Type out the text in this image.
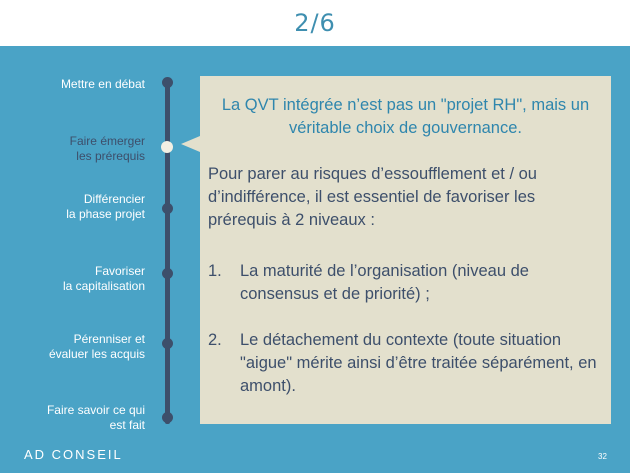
2/6
Mettre en débat
Faire émerger
les prérequis
Différencier
la phase projet
Favoriser
la capitalisation
Pérenniser et
évaluer les acquis
Faire savoir ce qui
est fait
La QVT intégrée n’est pas un "projet RH", mais un véritable choix de gouvernance.
Pour parer au risques d’essoufflement et / ou d’indifférence, il est essentiel de favoriser les prérequis à 2 niveaux :
1.	La maturité de l’organisation (niveau de consensus et de priorité) ;
2.	Le détachement du contexte (toute situation "aigue" mérite ainsi d’être traitée séparément, en amont).
AD CONSEIL	32
